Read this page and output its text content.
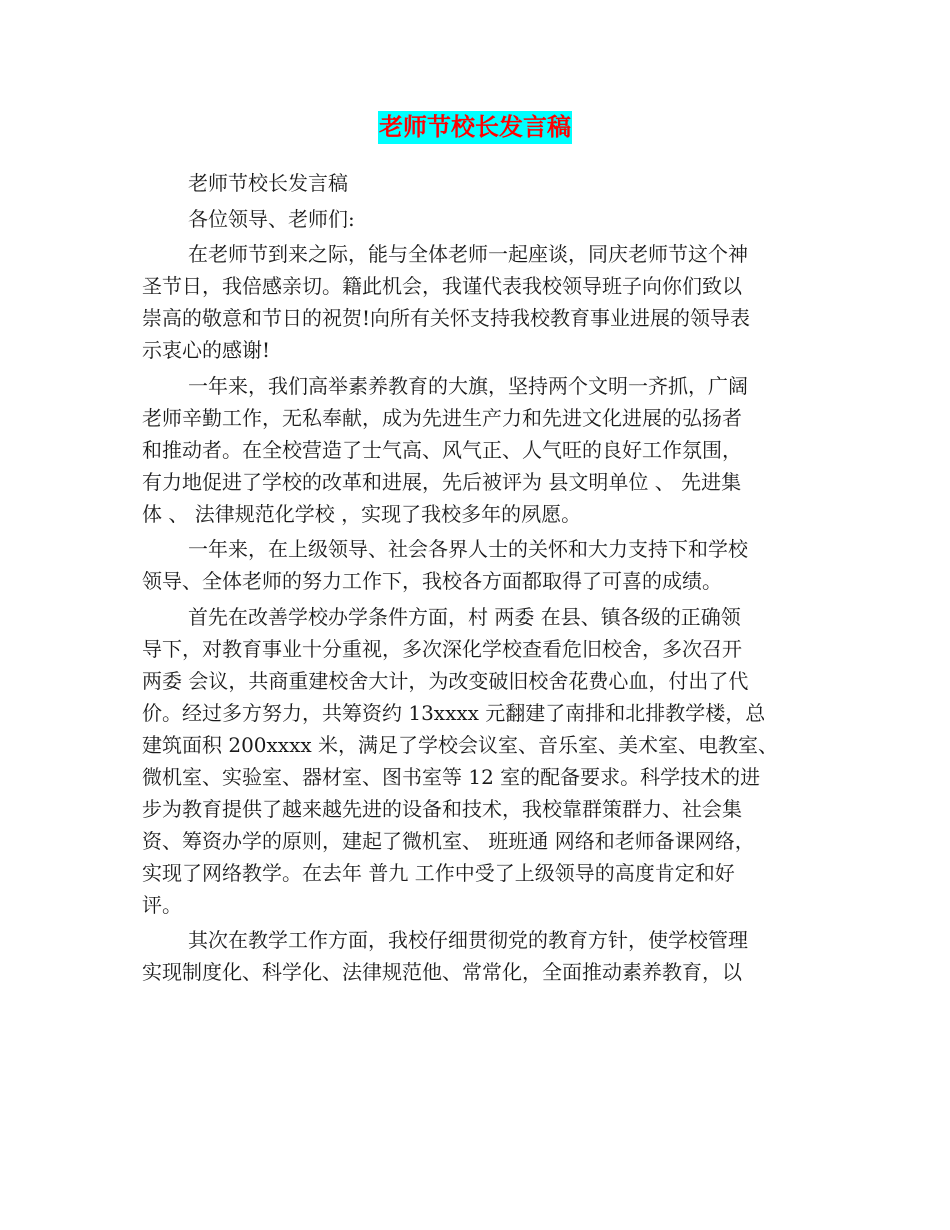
老师节校长发言稿
老师节校长发言稿
各位领导、老师们:
在老师节到来之际，能与全体老师一起座谈，同庆老师节这个神
圣节日，我倍感亲切。籍此机会，我谨代表我校领导班子向你们致以
崇高的敬意和节日的祝贺!向所有关怀支持我校教育事业进展的领导表
示衷心的感谢!
一年来，我们高举素养教育的大旗，坚持两个文明一齐抓，广阔
老师辛勤工作，无私奉献，成为先进生产力和先进文化进展的弘扬者
和推动者。在全校营造了士气高、风气正、人气旺的良好工作氛围，
有力地促进了学校的改革和进展，先后被评为 县文明单位 、 先进集
体 、 法律规范化学校 ，实现了我校多年的夙愿。
一年来，在上级领导、社会各界人士的关怀和大力支持下和学校
领导、全体老师的努力工作下，我校各方面都取得了可喜的成绩。
首先在改善学校办学条件方面，村 两委 在县、镇各级的正确领
导下，对教育事业十分重视，多次深化学校查看危旧校舍，多次召开
两委 会议，共商重建校舍大计，为改变破旧校舍花费心血，付出了代
价。经过多方努力，共筹资约 13xxxx 元翻建了南排和北排教学楼，总
建筑面积 200xxxx 米，满足了学校会议室、音乐室、美术室、电教室、
微机室、实验室、器材室、图书室等 12 室的配备要求。科学技术的进
步为教育提供了越来越先进的设备和技术，我校靠群策群力、社会集
资、筹资办学的原则，建起了微机室、 班班通 网络和老师备课网络，
实现了网络教学。在去年 普九 工作中受了上级领导的高度肯定和好
评。
其次在教学工作方面，我校仔细贯彻党的教育方针，使学校管理
实现制度化、科学化、法律规范他、常常化，全面推动素养教育，以
